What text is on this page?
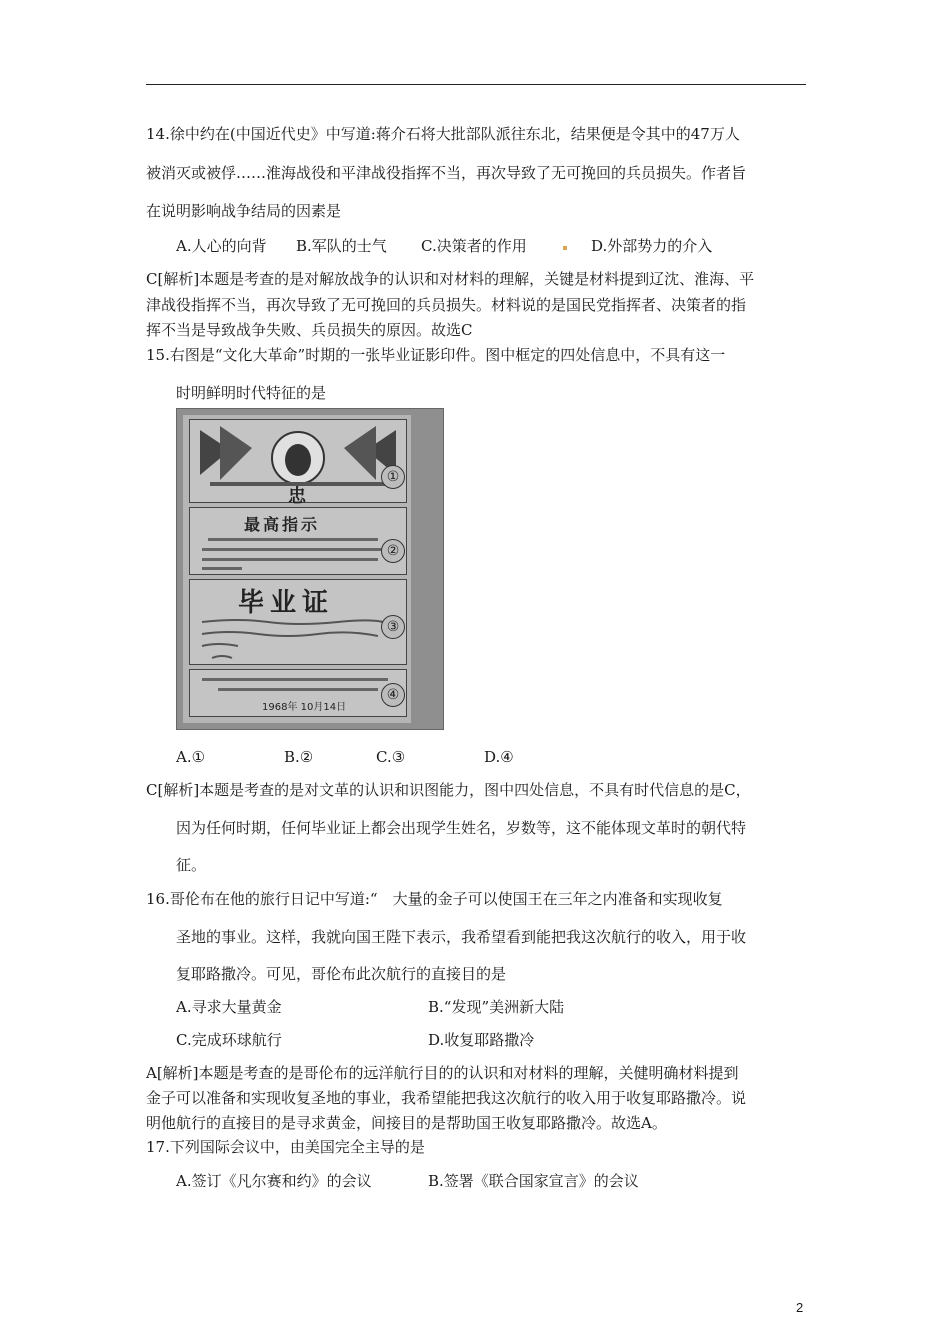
14.徐中约在(中国近代史》中写道:蒋介石将大批部队派往东北，结果便是令其中的47万人
被消灭或被俘……淮海战役和平津战役指挥不当，再次导致了无可挽回的兵员损失。作者旨
在说明影响战争结局的因素是
A.人心的向背 B.军队的士气 C.决策者的作用	D.外部势力的介入
C[解析]本题是考查的是对解放战争的认识和对材料的理解，关键是材料提到辽沈、淮海、平
津战役指挥不当，再次导致了无可挽回的兵员损失。材料说的是国民党指挥者、决策者的指
挥不当是导致战争失败、兵员损失的原因。故选C
15.右图是“文化大革命”时期的一张毕业证影印件。图中框定的四处信息中，不具有这一
时明鲜明时代特征的是
忠
①
最高指示
②
毕业证
③
1968年 10月14日
④
A.①	B.②	C.③	D.④
C[解析]本题是考查的是对文革的认识和识图能力，图中四处信息，不具有时代信息的是C，
因为任何时期，任何毕业证上都会出现学生姓名，岁数等，这不能体现文革时的朝代特
征。
16.哥伦布在他的旅行日记中写道:“　大量的金子可以使国王在三年之内准备和实现收复
圣地的事业。这样，我就向国王陛下表示，我希望看到能把我这次航行的收入，用于收
复耶路撒冷。可见，哥伦布此次航行的直接目的是
A.寻求大量黄金	B.“发现”美洲新大陆
C.完成环球航行	D.收复耶路撒冷
A[解析]本题是考查的是哥伦布的远洋航行目的的认识和对材料的理解，关健明确材料提到
金子可以准备和实现收复圣地的事业，我希望能把我这次航行的收入用于收复耶路撒冷。说
明他航行的直接目的是寻求黄金，间接目的是帮助国王收复耶路撒冷。故选A。
17.下列国际会议中，由美国完全主导的是
A.签订《凡尔赛和约》的会议	B.签署《联合国家宣言》的会议
2
